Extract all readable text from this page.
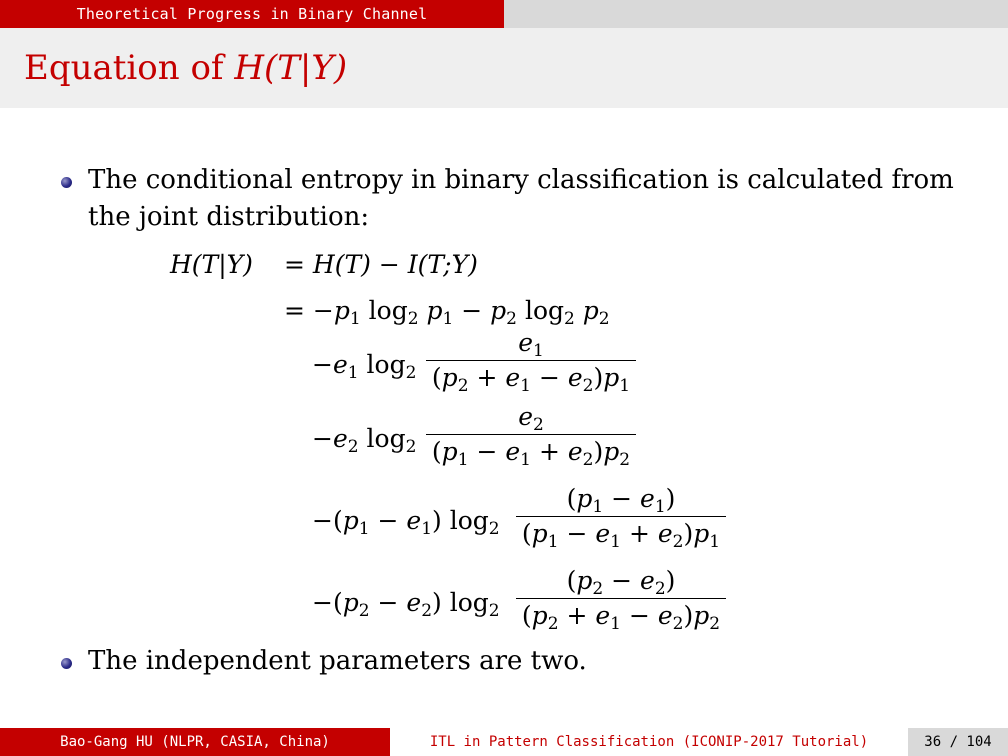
Theoretical Progress in Binary Channel
Equation of H(T|Y)
The conditional entropy in binary classification is calculated from
the joint distribution:
H(T|Y) = H(T) − I(T;Y)
= $-p_1$ $\log_2 p_1 - p_2$ $\log_2 p_2$
$-e_1$ $\log_2$
$e_1$
$(p_2 + e_1 - e_2)p_1$
$-e_2$ $\log_2$
$e_2$
$(p_1 - e_1 + e_2)p_2$
$-(p_1 - e_1)$ $\log_2$
$(p_1 - e_1)$
$(p_1 - e_1 + e_2)p_1$
$-(p_2 - e_2)$ $\log_2$
$(p_2 - e_2)$
$(p_2 + e_1 - e_2)p_2$
The independent parameters are two.
Bao-Gang HU (NLPR, CASIA, China)	ITL in Pattern Classification (ICONIP-2017 Tutorial)	36 / 104
